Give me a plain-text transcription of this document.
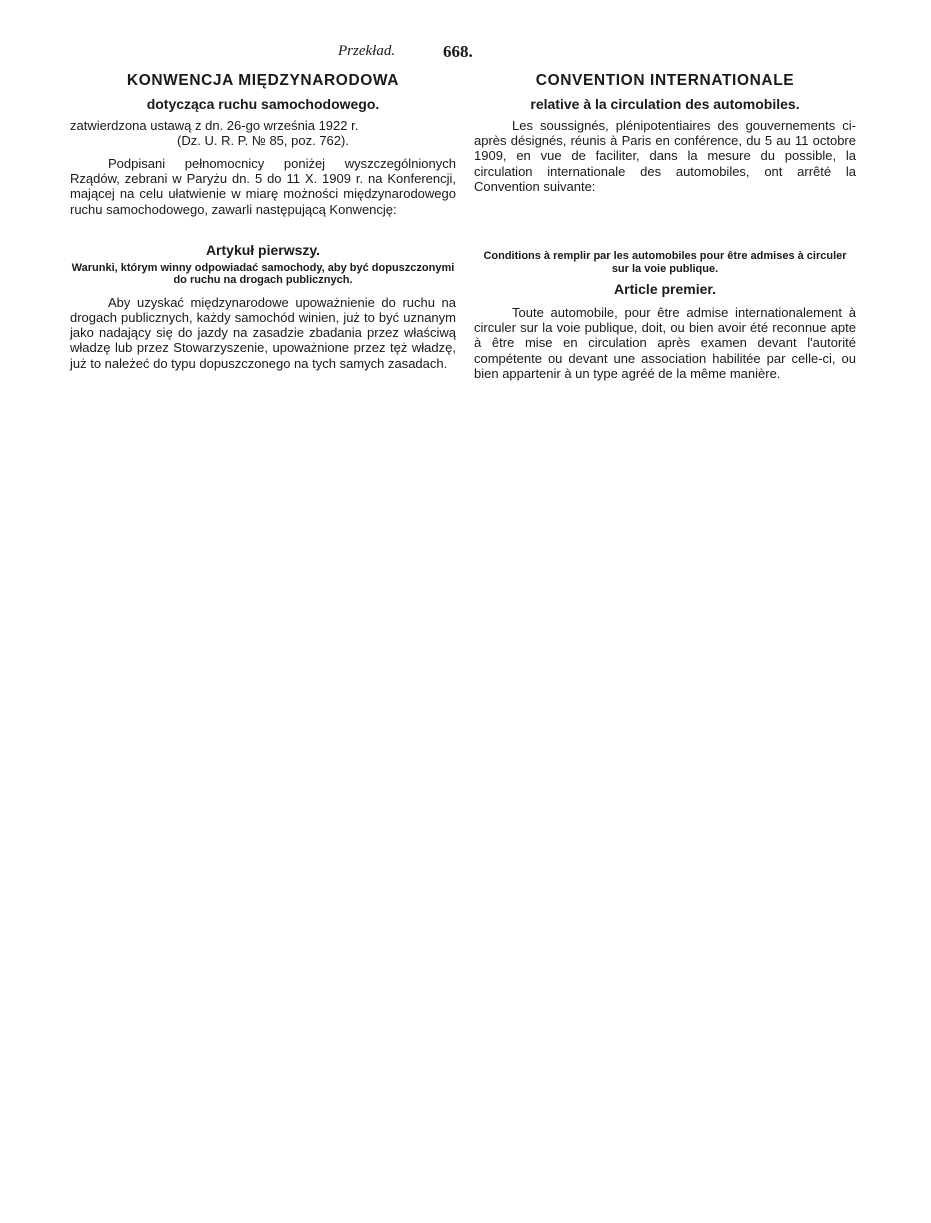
Przekład.	668.
KONWENCJA MIĘDZYNARODOWA
dotycząca ruchu samochodowego.
zatwierdzona ustawą z dn. 26-go września 1922 r.
(Dz. U. R. P. № 85, poz. 762).

Podpisani pełnomocnicy poniżej wyszczególnionych Rządów, zebrani w Paryżu dn. 5 do 11 X. 1909 r. na Konferencji, mającej na celu ułatwienie w miarę możności międzynarodowego ruchu samochodowego, zawarli następującą Konwencję:

Artykuł pierwszy.
Warunki, którym winny odpowiadać samochody, aby być dopuszczonymi do ruchu na drogach publicznych.

Aby uzyskać międzynarodowe upoważnienie do ruchu na drogach publicznych, każdy samochód winien, już to być uznanym jako nadający się do jazdy na zasadzie zbadania przez właściwą władzę lub przez Stowarzyszenie, upoważnione przez tęż władzę, już to należeć do typu dopuszczonego na tych samych zasadach.

CONVENTION INTERNATIONALE
relative à la circulation des automobiles.

Les soussignés, plénipotentiaires des gouvernements ci-après désignés, réunis à Paris en conférence, du 5 au 11 octobre 1909, en vue de faciliter, dans la mesure du possible, la circulation internationale des automobiles, ont arrêté la Convention suivante:

Conditions à remplir par les automobiles pour être admises à circuler sur la voie publique.
Article premier.

Toute automobile, pour être admise internationalement à circuler sur la voie publique, doit, ou bien avoir été reconnue apte à être mise en circulation après examen devant l'autorité compétente ou devant une association habilitée par celle-ci, ou bien appartenir à un type agréé de la même manière.
